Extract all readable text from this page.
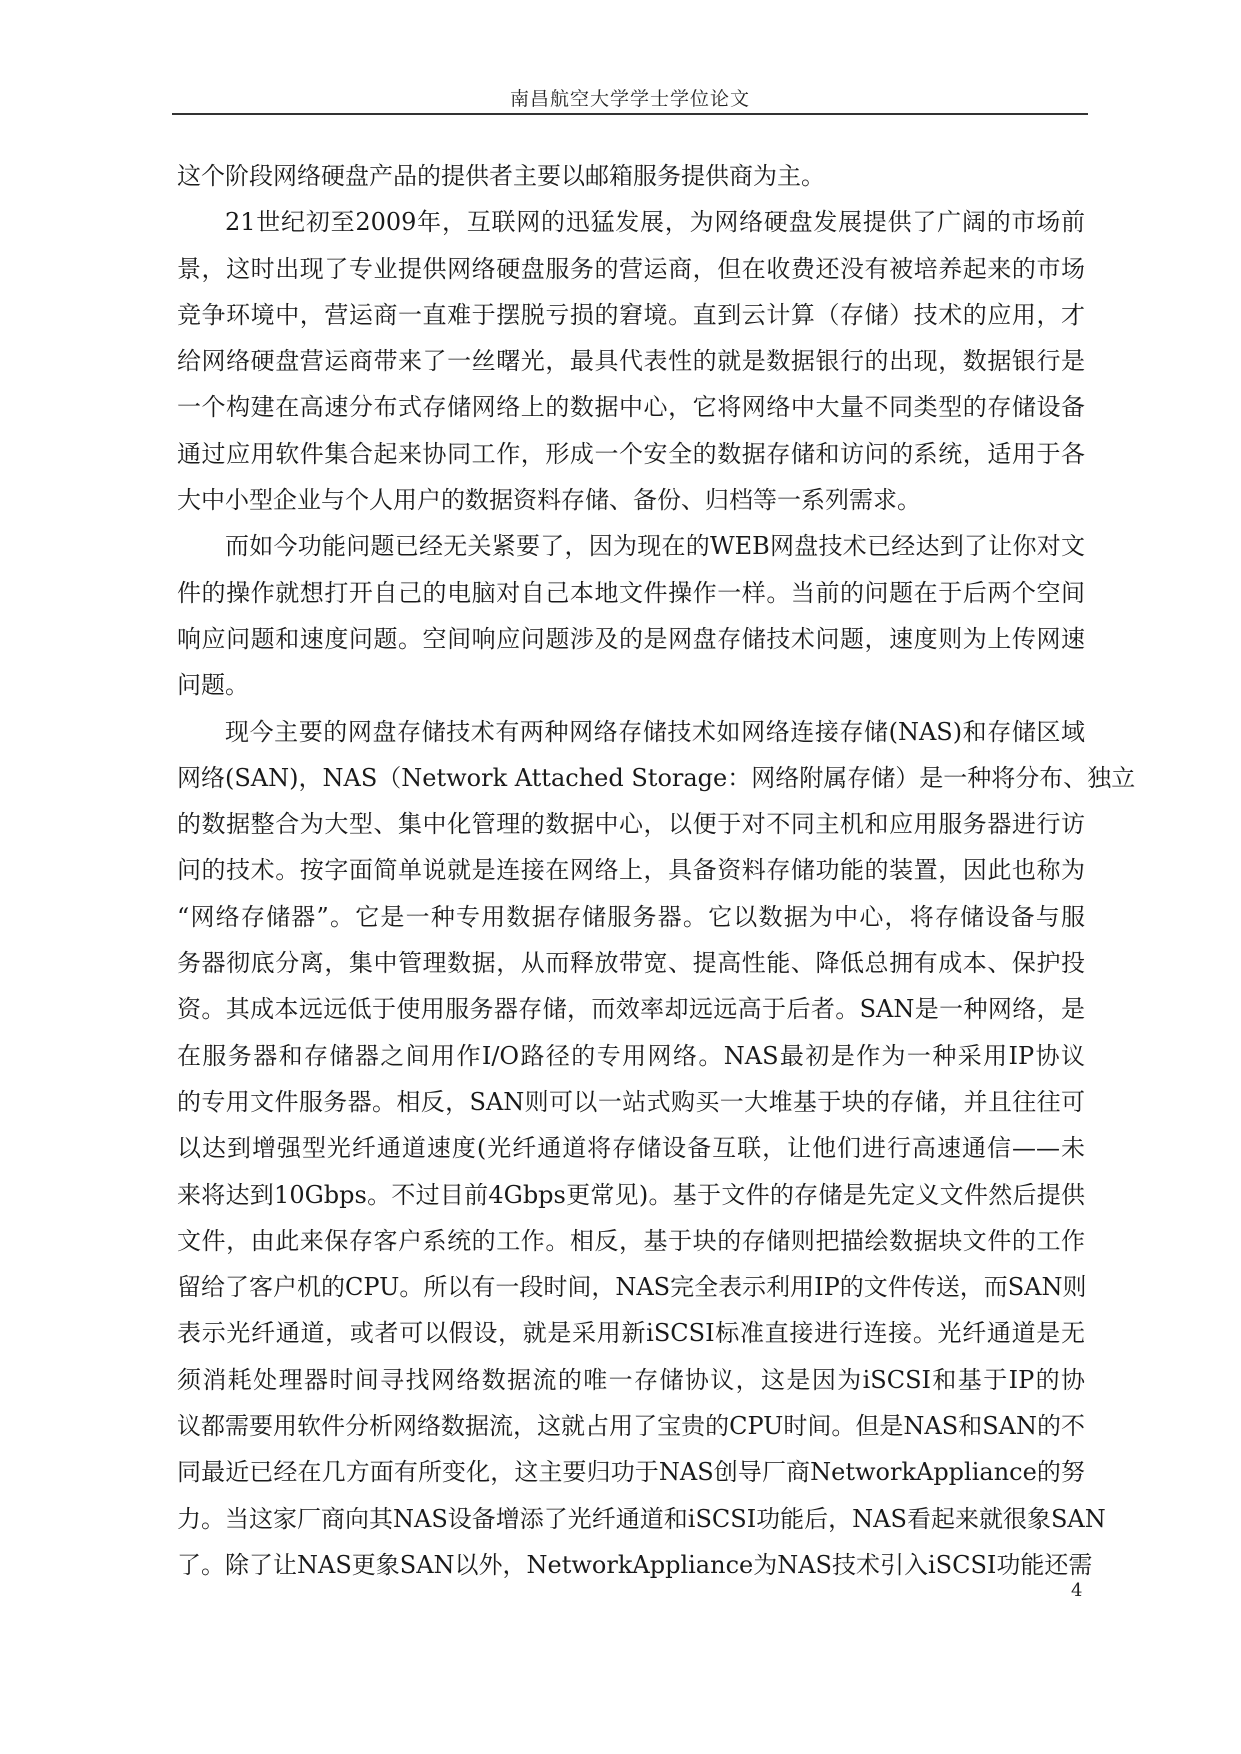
南昌航空大学学士学位论文
这个阶段网络硬盘产品的提供者主要以邮箱服务提供商为主。
21世纪初至2009年，互联网的迅猛发展，为网络硬盘发展提供了广阔的市场前
景，这时出现了专业提供网络硬盘服务的营运商，但在收费还没有被培养起来的市场
竞争环境中，营运商一直难于摆脱亏损的窘境。直到云计算（存储）技术的应用，才
给网络硬盘营运商带来了一丝曙光，最具代表性的就是数据银行的出现，数据银行是
一个构建在高速分布式存储网络上的数据中心，它将网络中大量不同类型的存储设备
通过应用软件集合起来协同工作，形成一个安全的数据存储和访问的系统，适用于各
大中小型企业与个人用户的数据资料存储、备份、归档等一系列需求。
而如今功能问题已经无关紧要了，因为现在的WEB网盘技术已经达到了让你对文
件的操作就想打开自己的电脑对自己本地文件操作一样。当前的问题在于后两个空间
响应问题和速度问题。空间响应问题涉及的是网盘存储技术问题，速度则为上传网速
问题。
现今主要的网盘存储技术有两种网络存储技术如网络连接存储(NAS)和存储区域
网络(SAN)，NAS（Network Attached Storage：网络附属存储）是一种将分布、独立
的数据整合为大型、集中化管理的数据中心，以便于对不同主机和应用服务器进行访
问的技术。按字面简单说就是连接在网络上，具备资料存储功能的装置，因此也称为
“网络存储器”。它是一种专用数据存储服务器。它以数据为中心，将存储设备与服
务器彻底分离，集中管理数据，从而释放带宽、提高性能、降低总拥有成本、保护投
资。其成本远远低于使用服务器存储，而效率却远远高于后者。SAN是一种网络，是
在服务器和存储器之间用作I/O路径的专用网络。NAS最初是作为一种采用IP协议
的专用文件服务器。相反，SAN则可以一站式购买一大堆基于块的存储，并且往往可
以达到增强型光纤通道速度(光纤通道将存储设备互联，让他们进行高速通信——未
来将达到10Gbps。不过目前4Gbps更常见)。基于文件的存储是先定义文件然后提供
文件，由此来保存客户系统的工作。相反，基于块的存储则把描绘数据块文件的工作
留给了客户机的CPU。所以有一段时间，NAS完全表示利用IP的文件传送，而SAN则
表示光纤通道，或者可以假设，就是采用新iSCSI标准直接进行连接。光纤通道是无
须消耗处理器时间寻找网络数据流的唯一存储协议，这是因为iSCSI和基于IP的协
议都需要用软件分析网络数据流，这就占用了宝贵的CPU时间。但是NAS和SAN的不
同最近已经在几方面有所变化，这主要归功于NAS创导厂商NetworkAppliance的努
力。当这家厂商向其NAS设备增添了光纤通道和iSCSI功能后，NAS看起来就很象SAN
了。除了让NAS更象SAN以外，NetworkAppliance为NAS技术引入iSCSI功能还需
4
